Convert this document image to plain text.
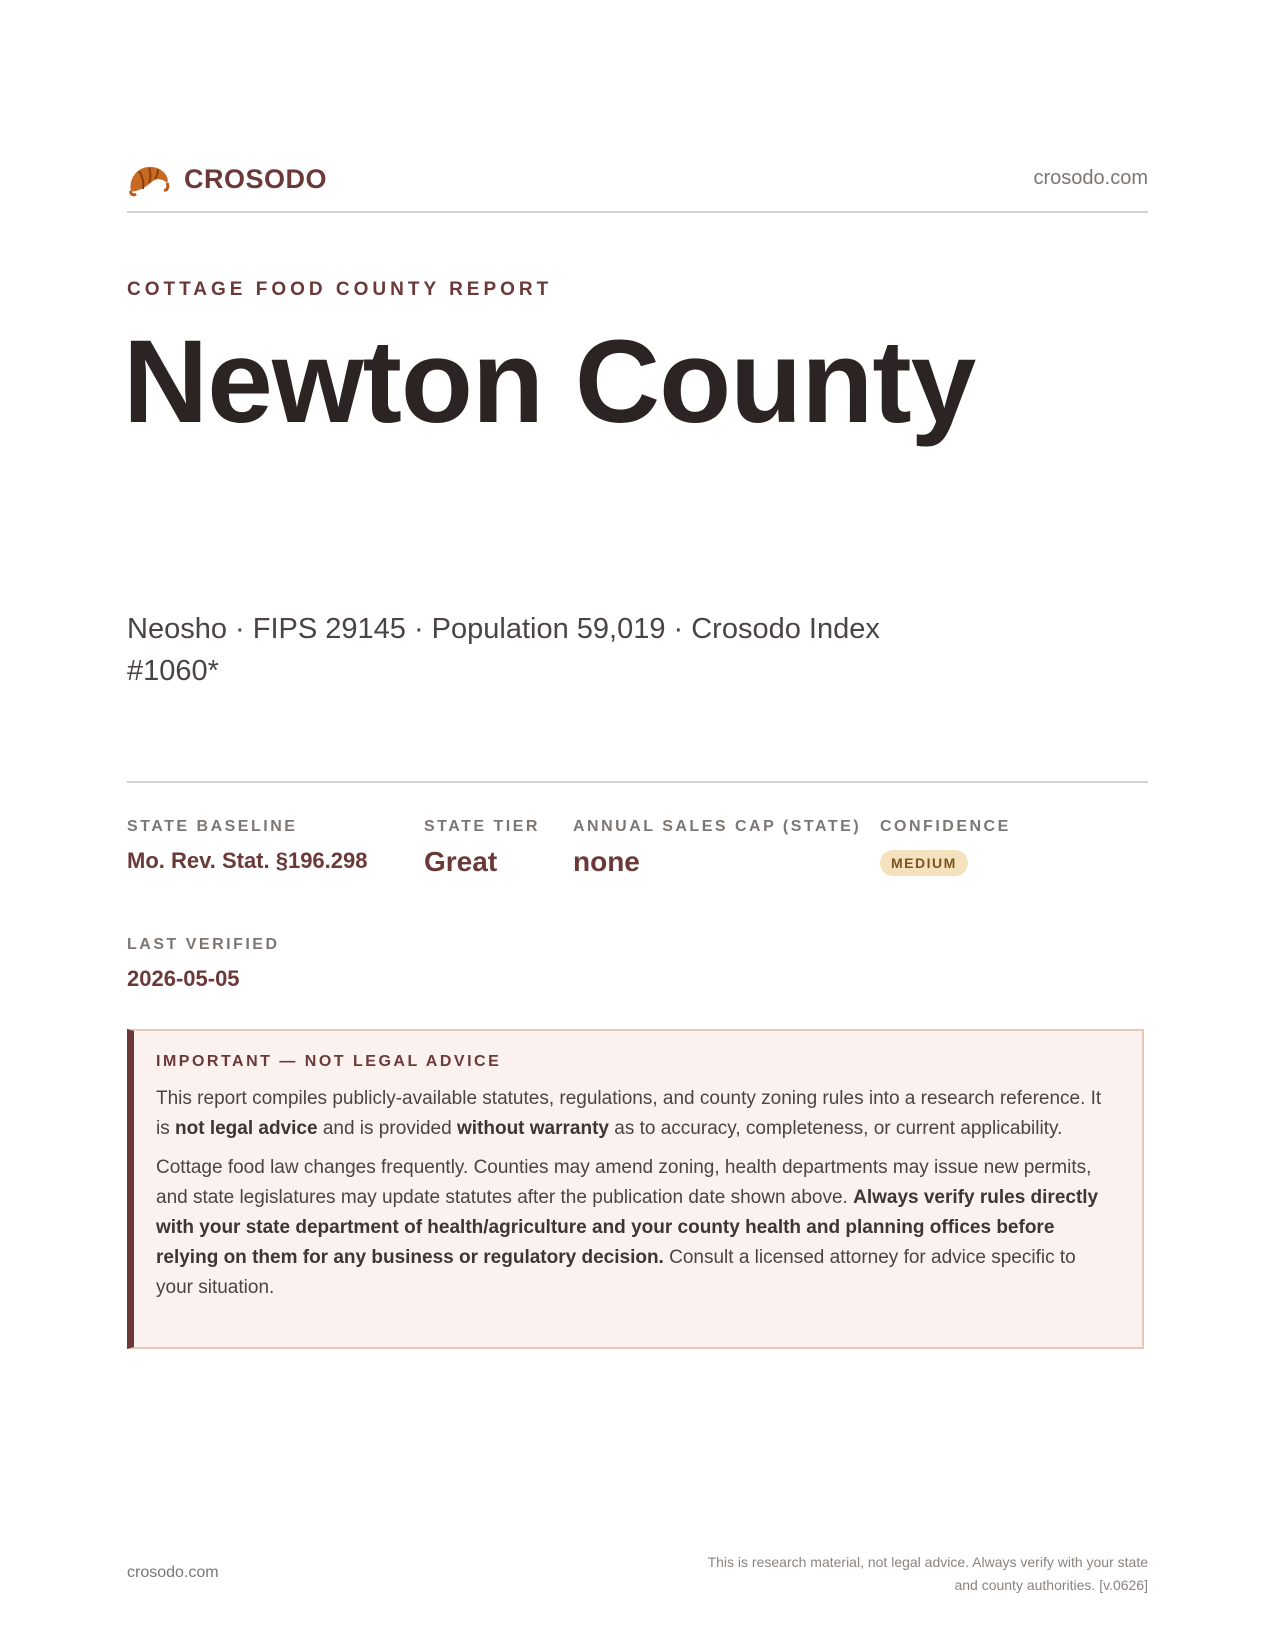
CROSODO	crosodo.com
COTTAGE FOOD COUNTY REPORT
Newton County
Neosho · FIPS 29145 · Population 59,019 · Crosodo Index #1060*
STATE BASELINE
Mo. Rev. Stat. §196.298
STATE TIER
Great
ANNUAL SALES CAP (STATE)
none
CONFIDENCE
MEDIUM
LAST VERIFIED
2026-05-05
IMPORTANT — NOT LEGAL ADVICE

This report compiles publicly-available statutes, regulations, and county zoning rules into a research reference. It is not legal advice and is provided without warranty as to accuracy, completeness, or current applicability.

Cottage food law changes frequently. Counties may amend zoning, health departments may issue new permits, and state legislatures may update statutes after the publication date shown above. Always verify rules directly with your state department of health/agriculture and your county health and planning offices before relying on them for any business or regulatory decision. Consult a licensed attorney for advice specific to your situation.

crosodo.com
This is research material, not legal advice. Always verify with your state
and county authorities. [v.0626]
